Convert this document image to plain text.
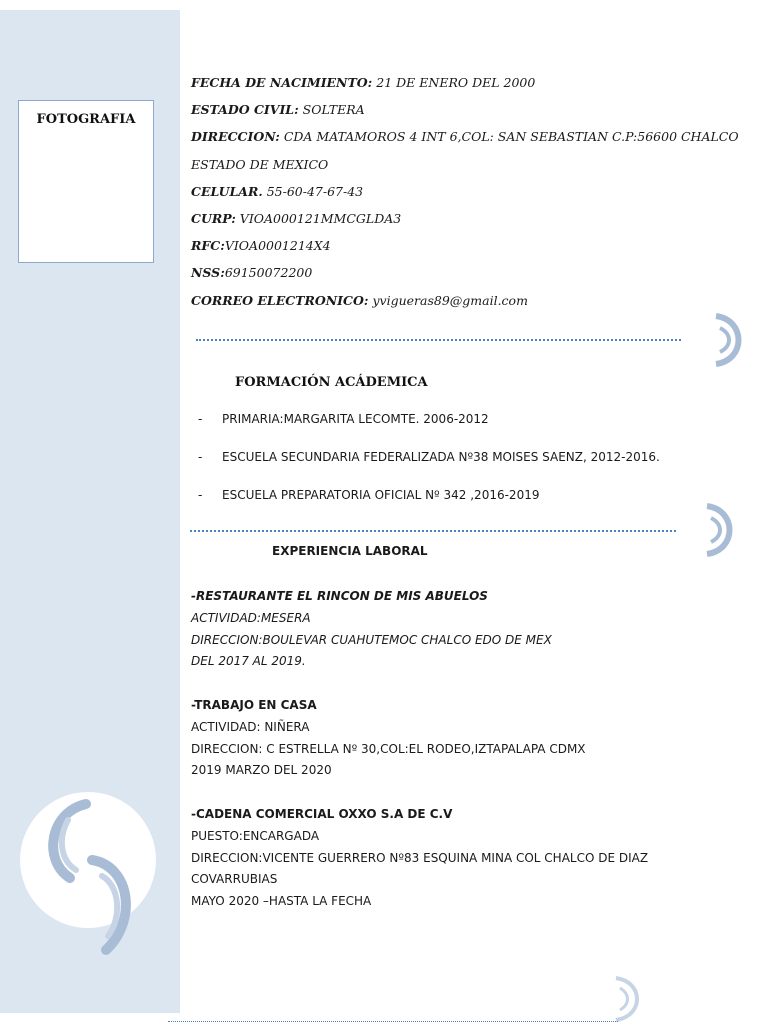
FOTOGRAFIA
FECHA DE NACIMIENTO: 21 DE ENERO DEL 2000
ESTADO CIVIL: SOLTERA
DIRECCION: CDA MATAMOROS 4 INT 6,COL: SAN SEBASTIAN C.P:56600 CHALCO
ESTADO DE MEXICO
CELULAR. 55-60-47-67-43
CURP: VIOA000121MMCGLDA3
RFC:VIOA0001214X4
NSS:69150072200
CORREO ELECTRONICO: yvigueras89@gmail.com
FORMACIÓN ACÁDEMICA
- PRIMARIA:MARGARITA LECOMTE. 2006-2012
- ESCUELA SECUNDARIA FEDERALIZADA Nº38 MOISES SAENZ, 2012-2016.
- ESCUELA PREPARATORIA OFICIAL Nº 342 ,2016-2019
EXPERIENCIA LABORAL
-RESTAURANTE EL RINCON DE MIS ABUELOS
ACTIVIDAD:MESERA
DIRECCION:BOULEVAR CUAHUTEMOC CHALCO EDO DE MEX
DEL 2017 AL 2019.
-TRABAJO EN CASA
ACTIVIDAD: NIÑERA
DIRECCION: C ESTRELLA Nº 30,COL:EL RODEO,IZTAPALAPA CDMX
2019 MARZO DEL 2020
-CADENA COMERCIAL OXXO S.A DE C.V
PUESTO:ENCARGADA
DIRECCION:VICENTE GUERRERO Nº83 ESQUINA MINA COL CHALCO DE DIAZ
COVARRUBIAS
MAYO 2020 –HASTA LA FECHA
